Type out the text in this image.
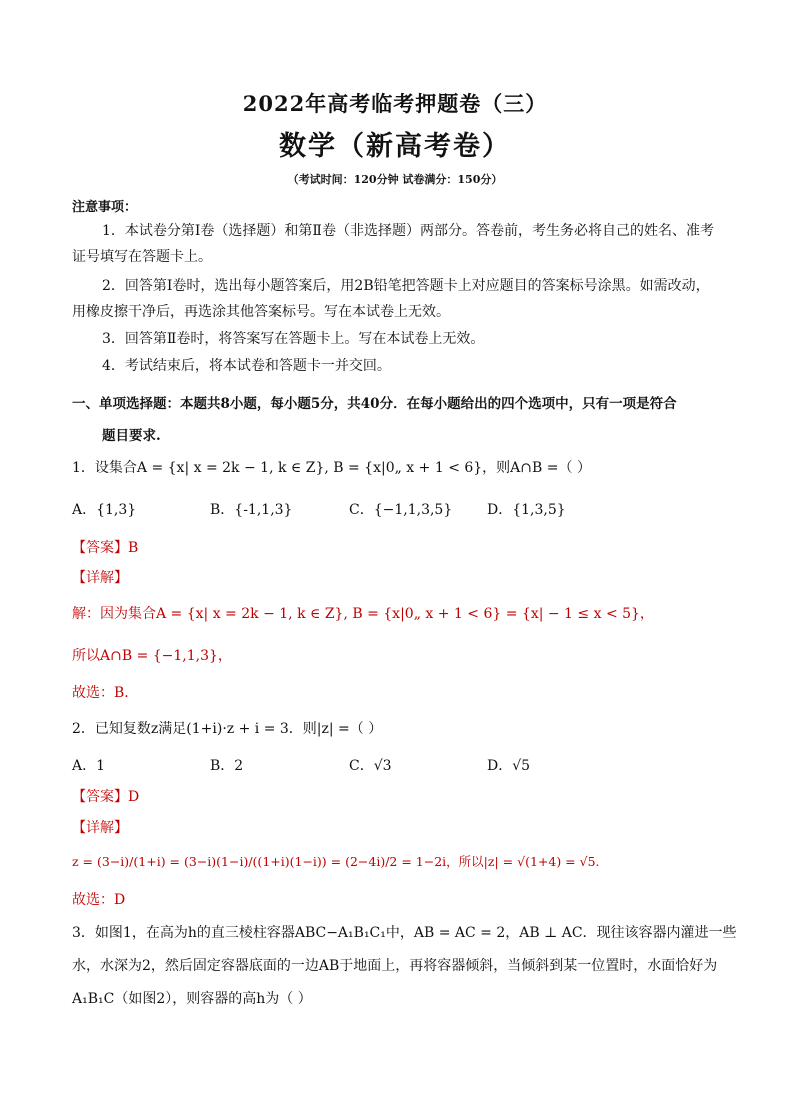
2022年高考临考押题卷（三）
数学（新高考卷）
（考试时间：120分钟 试卷满分：150分）
注意事项：
1．本试卷分第Ⅰ卷（选择题）和第Ⅱ卷（非选择题）两部分。答卷前，考生务必将自己的姓名、准考
证号填写在答题卡上。
2．回答第Ⅰ卷时，选出每小题答案后，用2B铅笔把答题卡上对应题目的答案标号涂黑。如需改动，
用橡皮擦干净后，再选涂其他答案标号。写在本试卷上无效。
3．回答第Ⅱ卷时，将答案写在答题卡上。写在本试卷上无效。
4．考试结束后，将本试卷和答题卡一并交回。
一、单项选择题：本题共8小题，每小题5分，共40分．在每小题给出的四个选项中，只有一项是符合
题目要求.
1．设集合A = {x| x = 2k − 1, k ∈ Z}, B = {x|0„ x + 1 < 6}，则A∩B =（ ）
A．{1,3}	B．{-1,1,3}	C．{−1,1,3,5} D．{1,3,5}
【答案】B
【详解】
解：因为集合A = {x| x = 2k − 1, k ∈ Z}, B = {x|0„ x + 1 < 6} = {x| − 1 ≤ x < 5}，
所以A∩B = {−1,1,3}，
故选：B.
2．已知复数z满足(1+i)·z + i = 3．则|z| =（ ）
A．1	B．2	C．√3	D．√5
【答案】D
【详解】
z = (3−i)/(1+i) = (3−i)(1−i)/((1+i)(1−i)) = (2−4i)/2 = 1−2i，所以|z| = √(1+4) = √5.
故选：D
3．如图1，在高为h的直三棱柱容器ABC−A₁B₁C₁中，AB = AC = 2，AB ⊥ AC．现往该容器内灌进一些
水，水深为2，然后固定容器底面的一边AB于地面上，再将容器倾斜，当倾斜到某一位置时，水面恰好为
A₁B₁C（如图2），则容器的高h为（ ）
